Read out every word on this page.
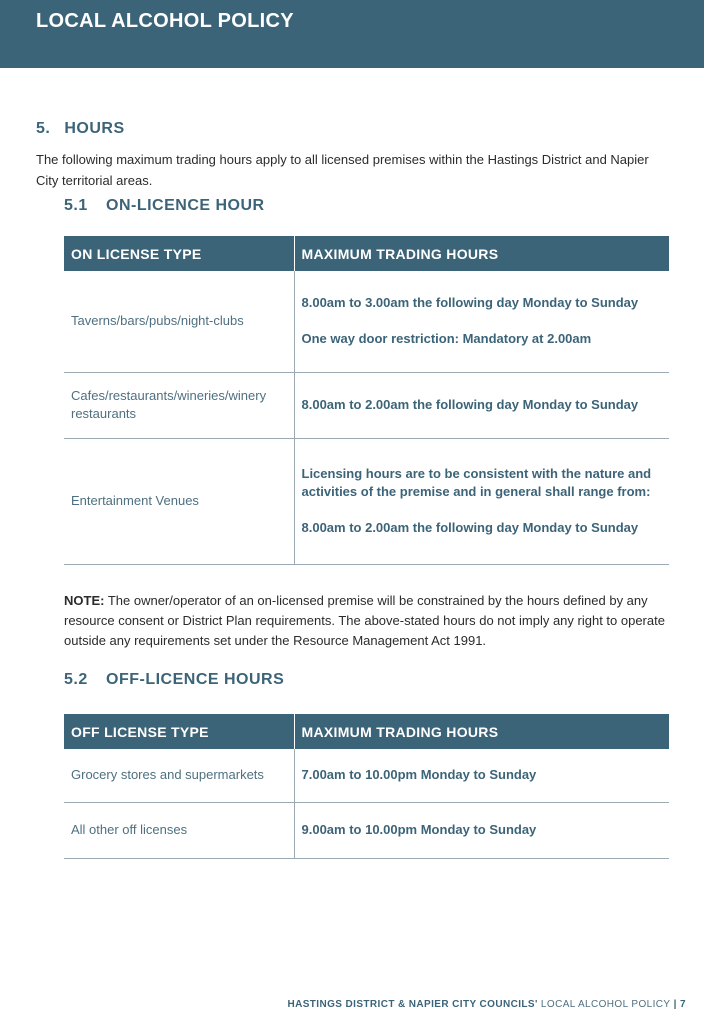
LOCAL ALCOHOL POLICY
5. HOURS

The following maximum trading hours apply to all licensed premises within the Hastings District and Napier City territorial areas.

5.1 ON-LICENCE HOUR
ON LICENSE TYPE	MAXIMUM TRADING HOURS
Taverns/bars/pubs/night-clubs	8.00am to 3.00am the following day Monday to Sunday
One way door restriction: Mandatory at 2.00am
Cafes/restaurants/wineries/winery restaurants	8.00am to 2.00am the following day Monday to Sunday
Entertainment Venues	Licensing hours are to be consistent with the nature and activities of the premise and in general shall range from:
8.00am to 2.00am the following day Monday to Sunday

NOTE: The owner/operator of an on-licensed premise will be constrained by the hours defined by any resource consent or District Plan requirements. The above-stated hours do not imply any right to operate outside any requirements set under the Resource Management Act 1991.

5.2 OFF-LICENCE HOURS
OFF LICENSE TYPE	MAXIMUM TRADING HOURS
Grocery stores and supermarkets	7.00am to 10.00pm Monday to Sunday
All other off licenses	9.00am to 10.00pm Monday to Sunday

HASTINGS DISTRICT & NAPIER CITY COUNCILS' LOCAL ALCOHOL POLICY | 7
